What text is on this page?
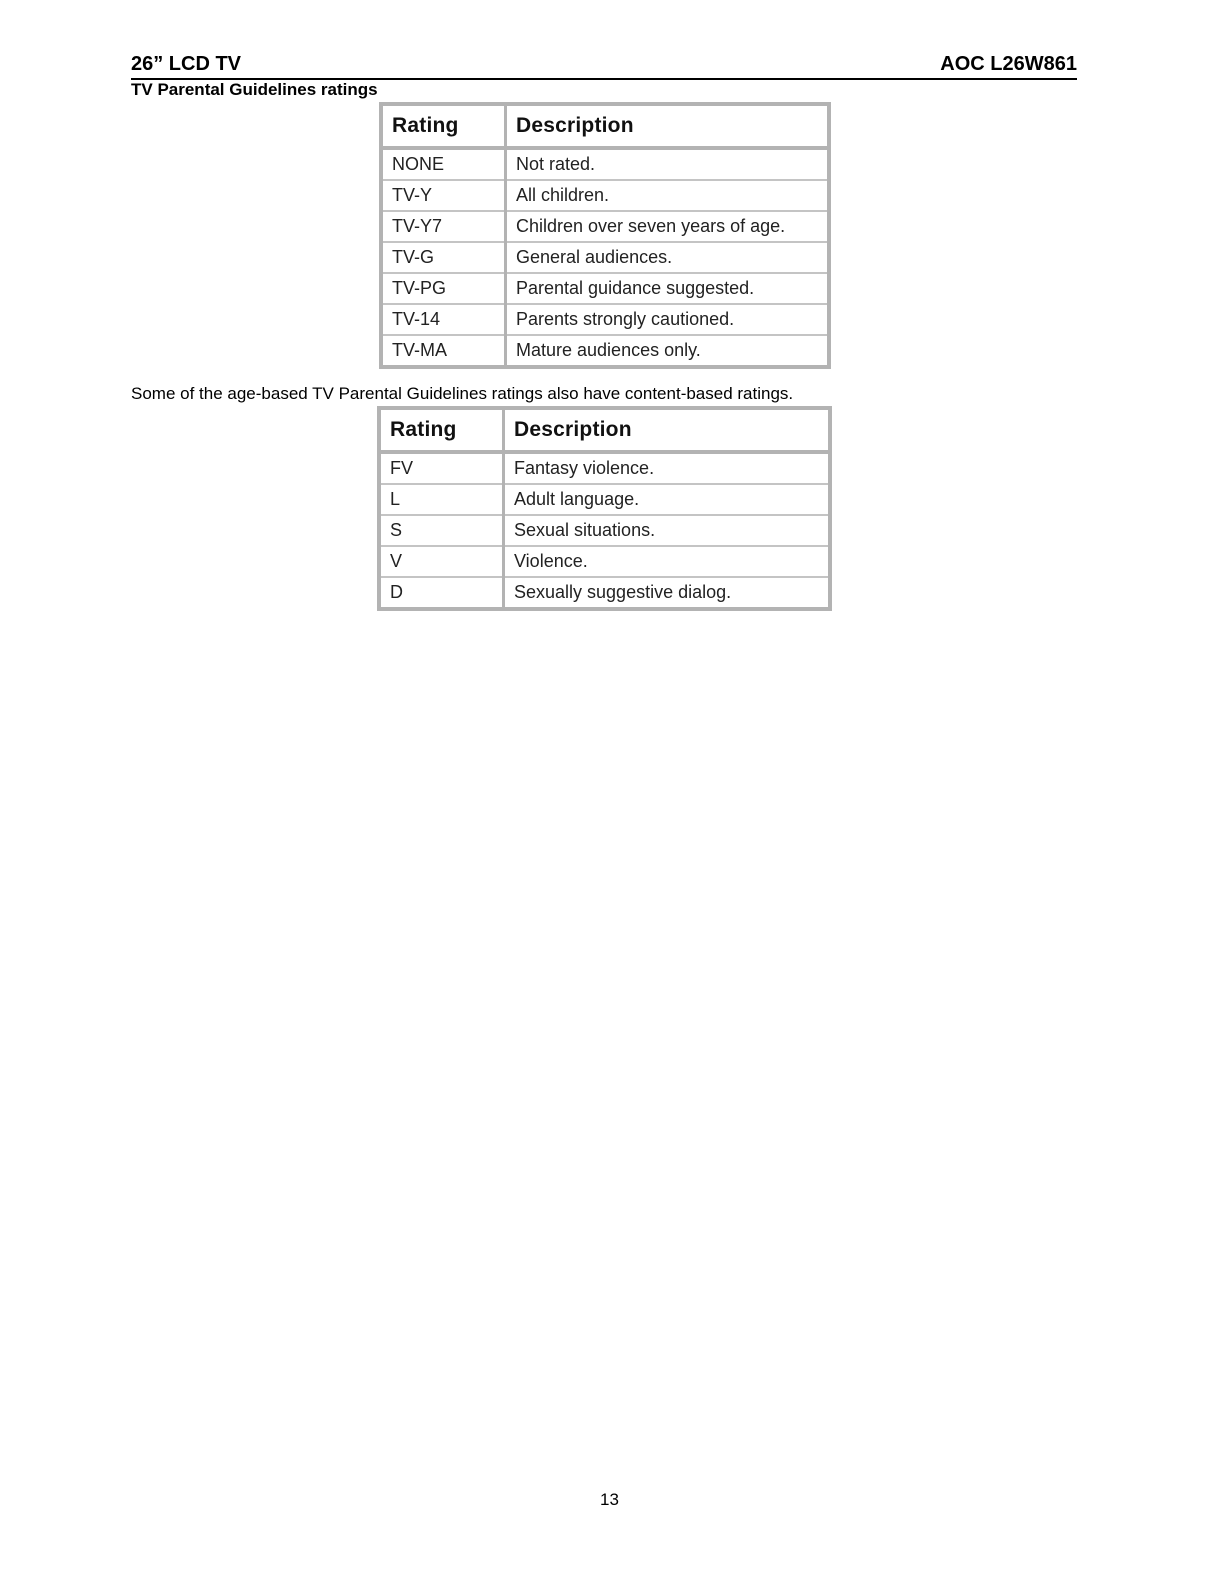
26” LCD TV	AOC L26W861
TV Parental Guidelines ratings
Rating	Description
NONE	Not rated.
TV-Y	All children.
TV-Y7	Children over seven years of age.
TV-G	General audiences.
TV-PG	Parental guidance suggested.
TV-14	Parents strongly cautioned.
TV-MA	Mature audiences only.
Some of the age-based TV Parental Guidelines ratings also have content-based ratings.
Rating	Description
FV	Fantasy violence.
L	Adult language.
S	Sexual situations.
V	Violence.
D	Sexually suggestive dialog.
13
